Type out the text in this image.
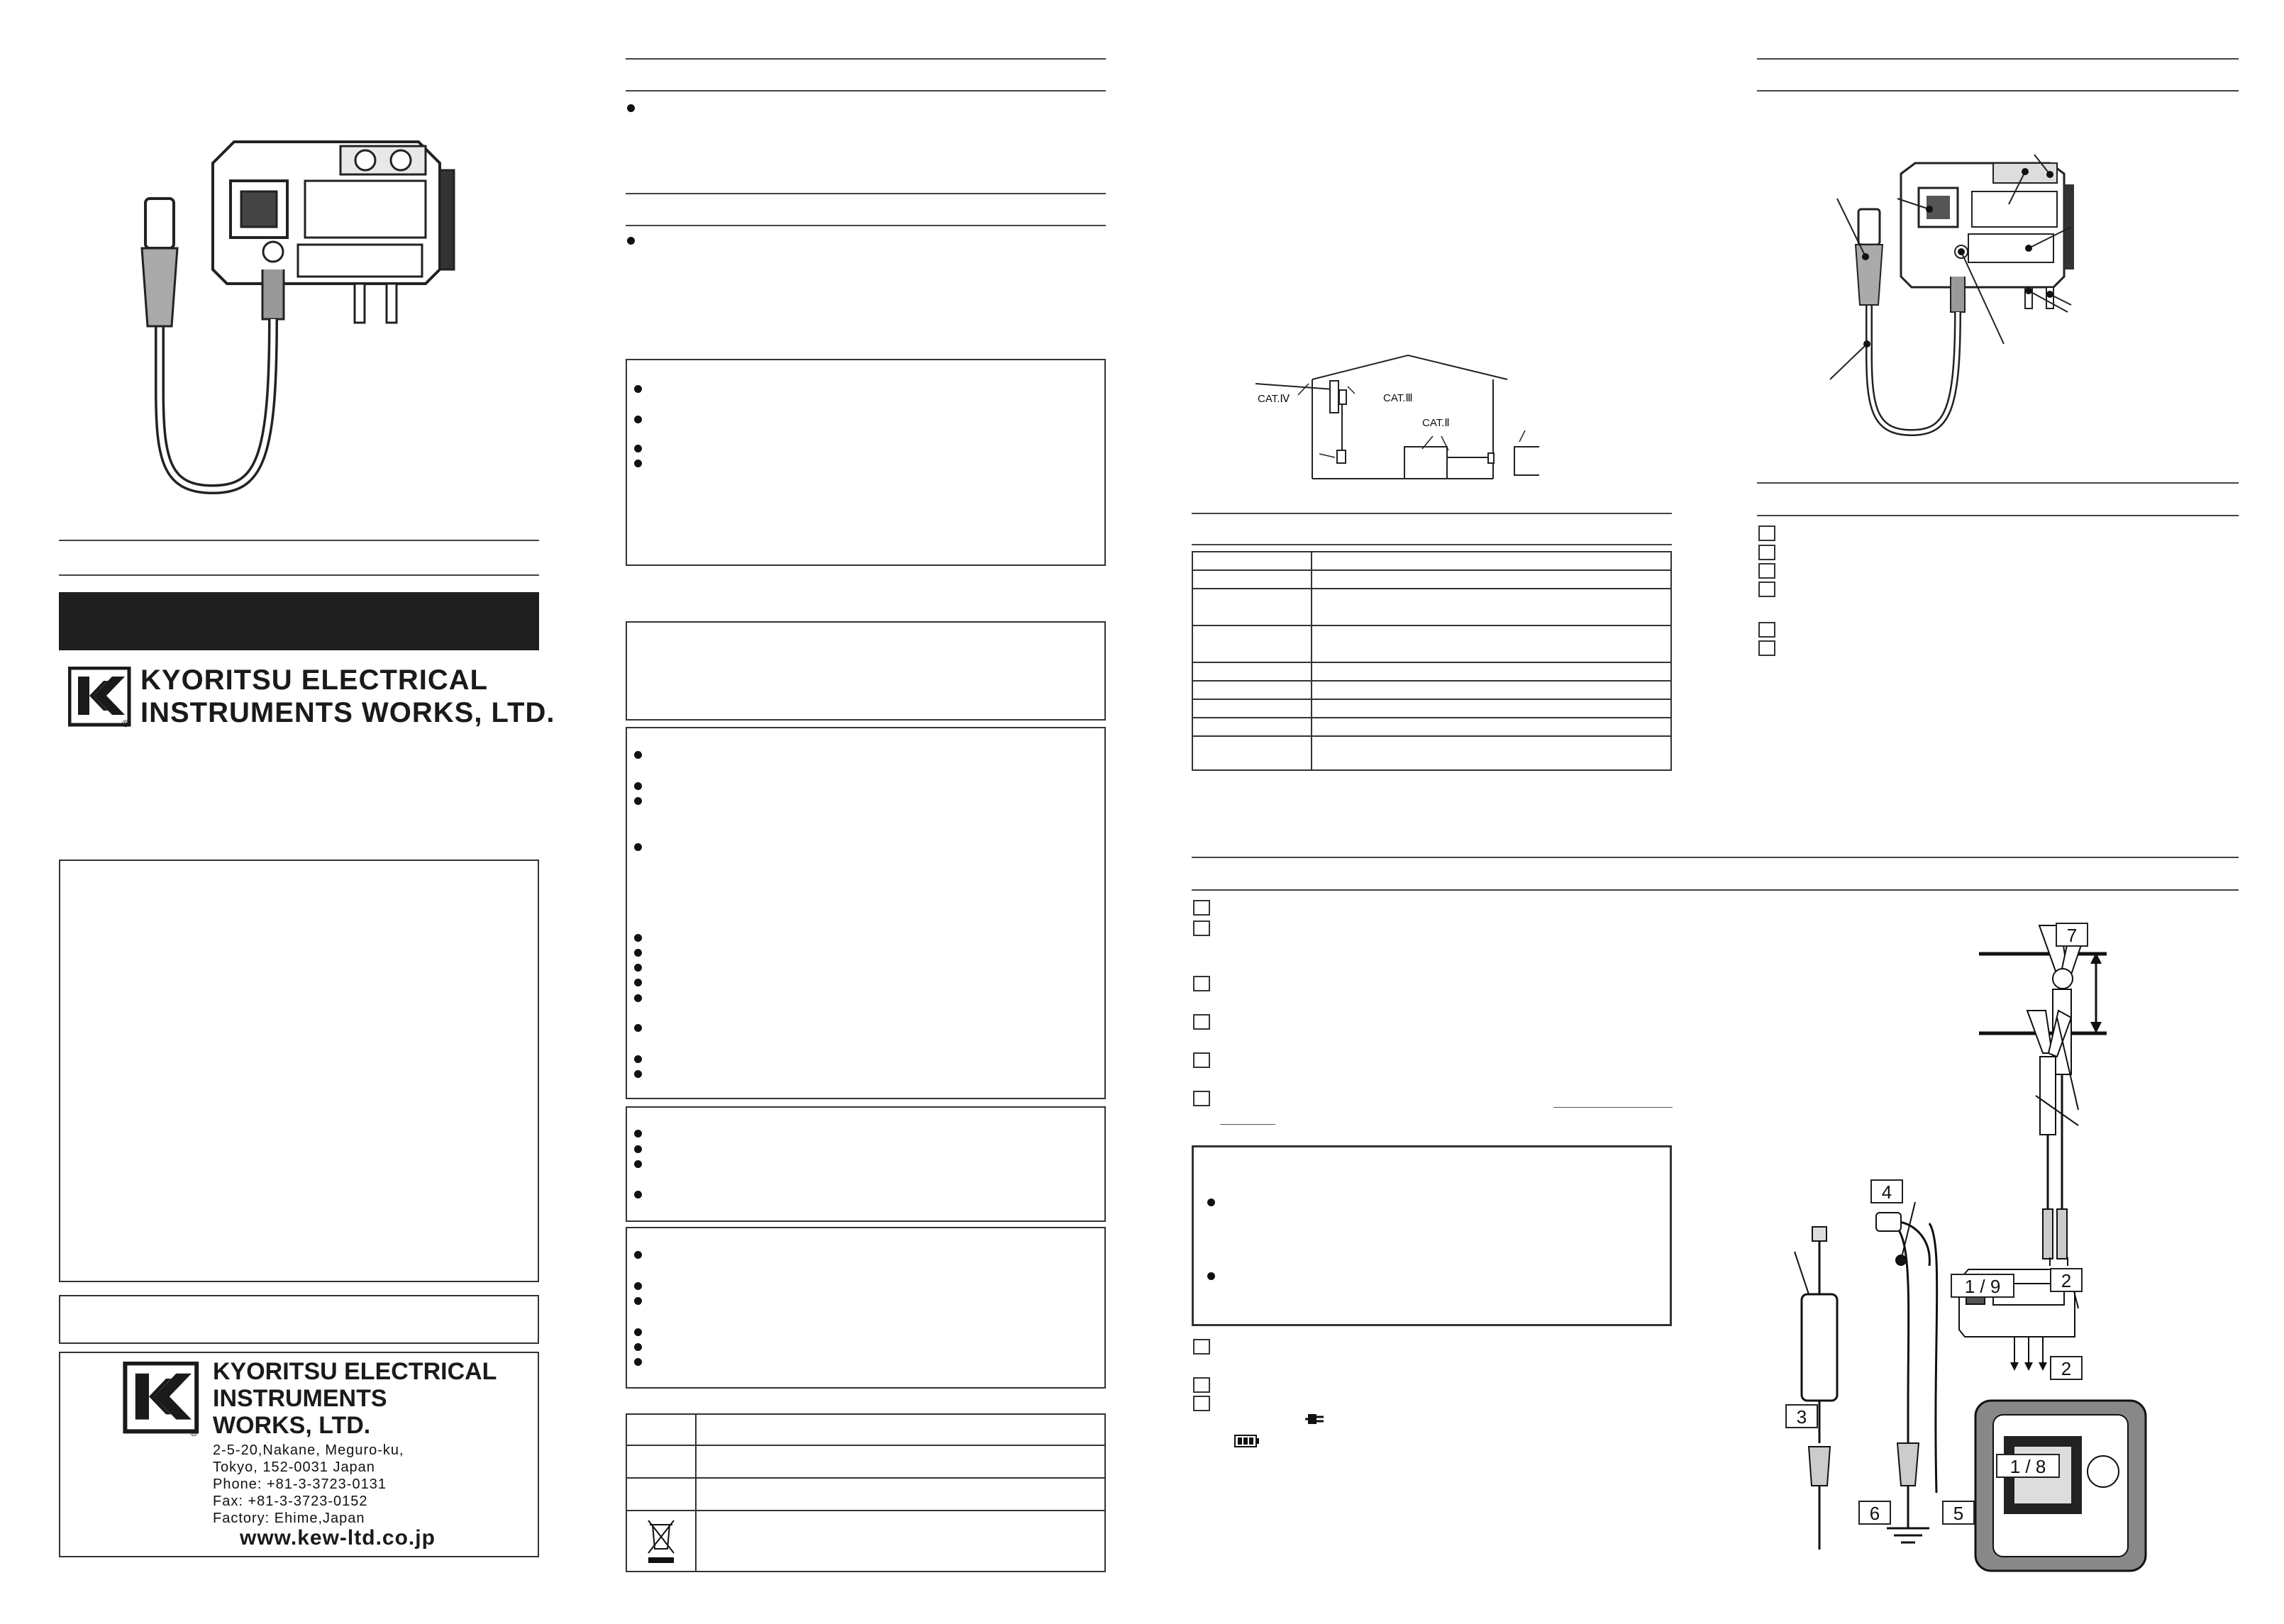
®
KYORITSU ELECTRICAL
INSTRUMENTS WORKS, LTD.
®
KYORITSU ELECTRICAL
INSTRUMENTS
WORKS, LTD.
2-5-20,Nakane, Meguro-ku,
Tokyo, 152-0031 Japan
Phone: +81-3-3723-0131
Fax: +81-3-3723-0152
Factory: Ehime,Japan
www.kew-ltd.co.jp

CAT.Ⅳ	CAT.Ⅲ
CAT.Ⅱ

7
4
1 / 9	2
2
3
1 / 8
6	5
